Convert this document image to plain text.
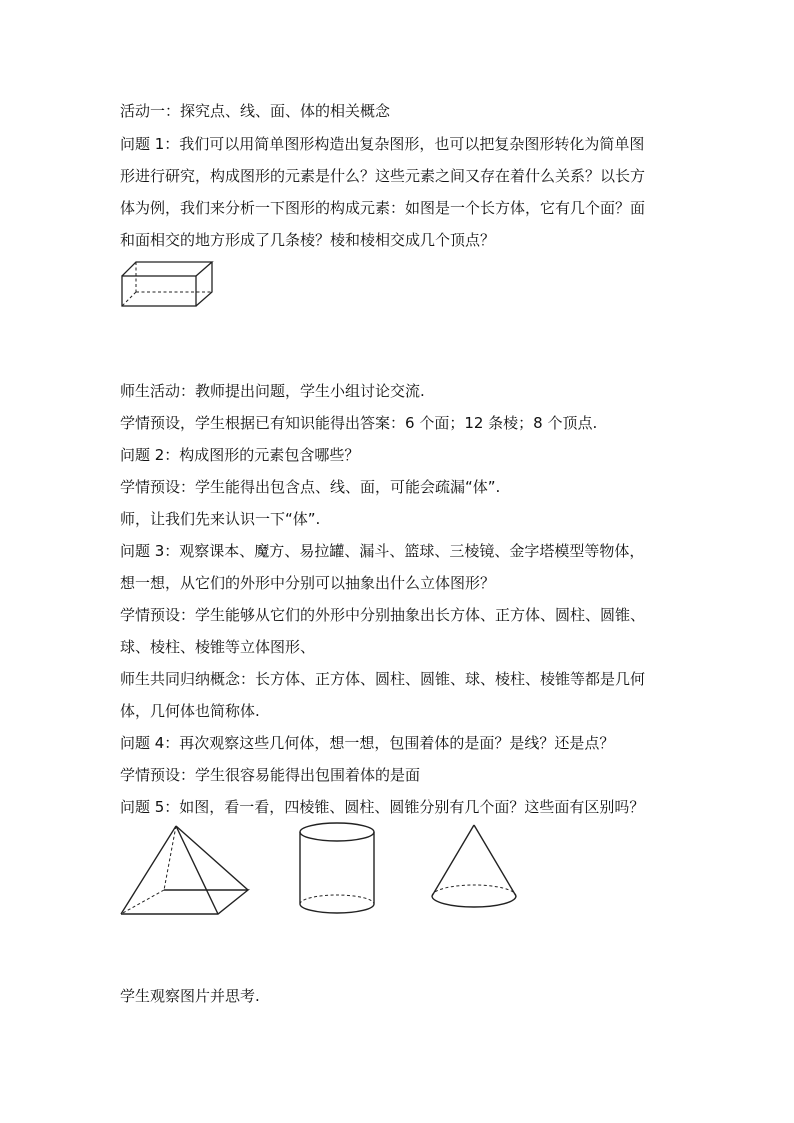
活动一：探究点、线、面、体的相关概念
问题 1：我们可以用简单图形构造出复杂图形，也可以把复杂图形转化为简单图
形进行研究，构成图形的元素是什么？这些元素之间又存在着什么关系？以长方
体为例，我们来分析一下图形的构成元素：如图是一个长方体，它有几个面？面
和面相交的地方形成了几条棱？棱和棱相交成几个顶点？
师生活动：教师提出问题，学生小组讨论交流.
学情预设，学生根据已有知识能得出答案：6 个面；12 条棱；8 个顶点.
问题 2：构成图形的元素包含哪些？
学情预设：学生能得出包含点、线、面，可能会疏漏“体”.
师，让我们先来认识一下“体”.
问题 3：观察课本、魔方、易拉罐、漏斗、篮球、三棱镜、金字塔模型等物体，
想一想，从它们的外形中分别可以抽象出什么立体图形？
学情预设：学生能够从它们的外形中分别抽象出长方体、正方体、圆柱、圆锥、
球、棱柱、棱锥等立体图形、
师生共同归纳概念：长方体、正方体、圆柱、圆锥、球、棱柱、棱锥等都是几何
体，几何体也简称体.
问题 4：再次观察这些几何体，想一想，包围着体的是面？是线？还是点？
学情预设：学生很容易能得出包围着体的是面
问题 5：如图，看一看，四棱锥、圆柱、圆锥分别有几个面？这些面有区别吗？
学生观察图片并思考.
